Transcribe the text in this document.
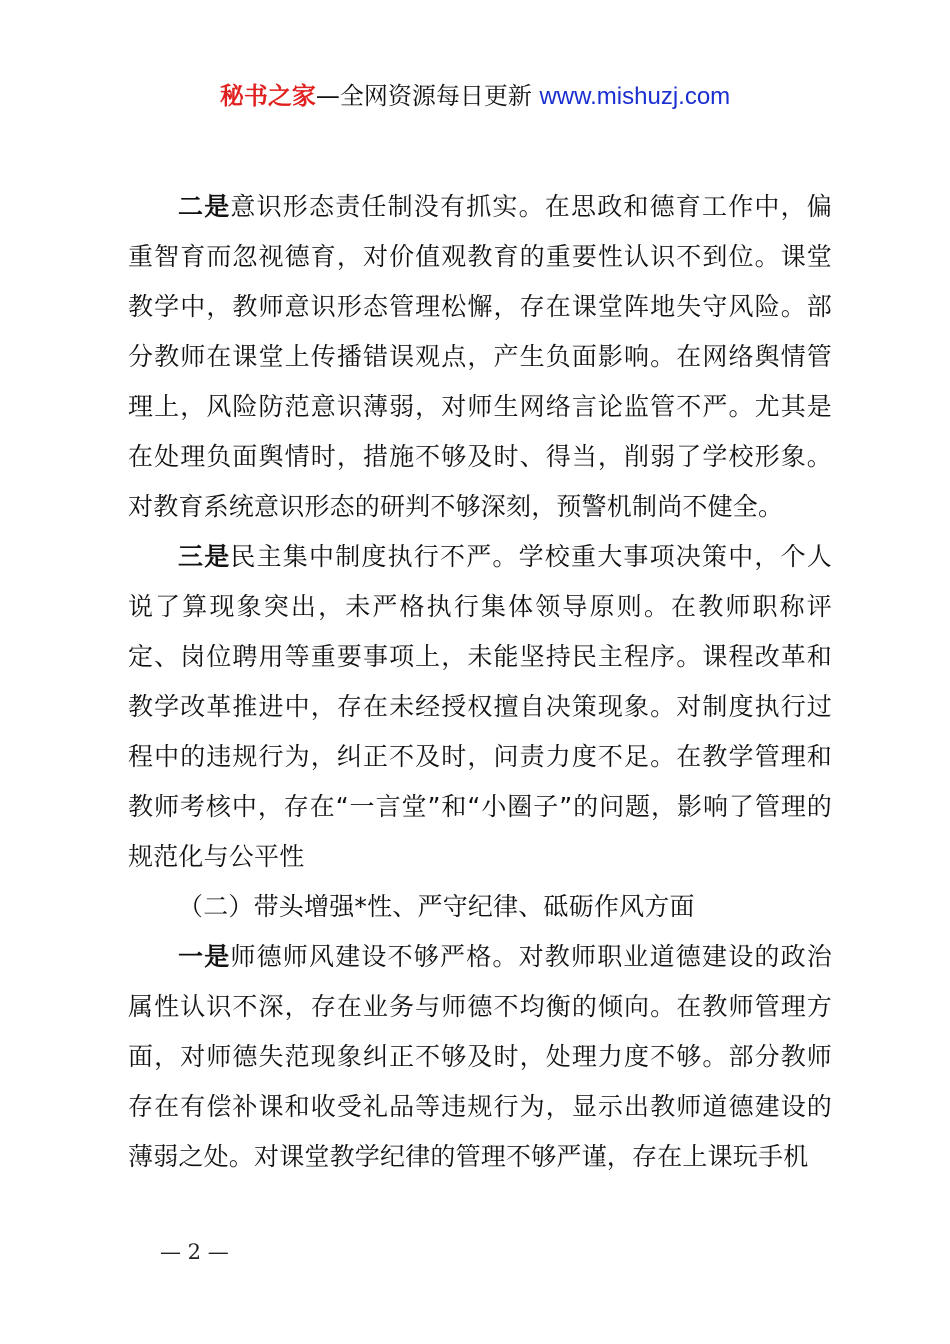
秘书之家—全网资源每日更新 www.mishuzj.com

二是意识形态责任制没有抓实。在思政和德育工作中，偏重智育而忽视德育，对价值观教育的重要性认识不到位。课堂教学中，教师意识形态管理松懈，存在课堂阵地失守风险。部分教师在课堂上传播错误观点，产生负面影响。在网络舆情管理上，风险防范意识薄弱，对师生网络言论监管不严。尤其是在处理负面舆情时，措施不够及时、得当，削弱了学校形象。对教育系统意识形态的研判不够深刻，预警机制尚不健全。

三是民主集中制度执行不严。学校重大事项决策中，个人说了算现象突出，未严格执行集体领导原则。在教师职称评定、岗位聘用等重要事项上，未能坚持民主程序。课程改革和教学改革推进中，存在未经授权擅自决策现象。对制度执行过程中的违规行为，纠正不及时，问责力度不足。在教学管理和教师考核中，存在“一言堂”和“小圈子”的问题，影响了管理的规范化与公平性

（二）带头增强*性、严守纪律、砥砺作风方面

一是师德师风建设不够严格。对教师职业道德建设的政治属性认识不深，存在业务与师德不均衡的倾向。在教师管理方面，对师德失范现象纠正不够及时，处理力度不够。部分教师存在有偿补课和收受礼品等违规行为，显示出教师道德建设的薄弱之处。对课堂教学纪律的管理不够严谨，存在上课玩手机

— 2 —
